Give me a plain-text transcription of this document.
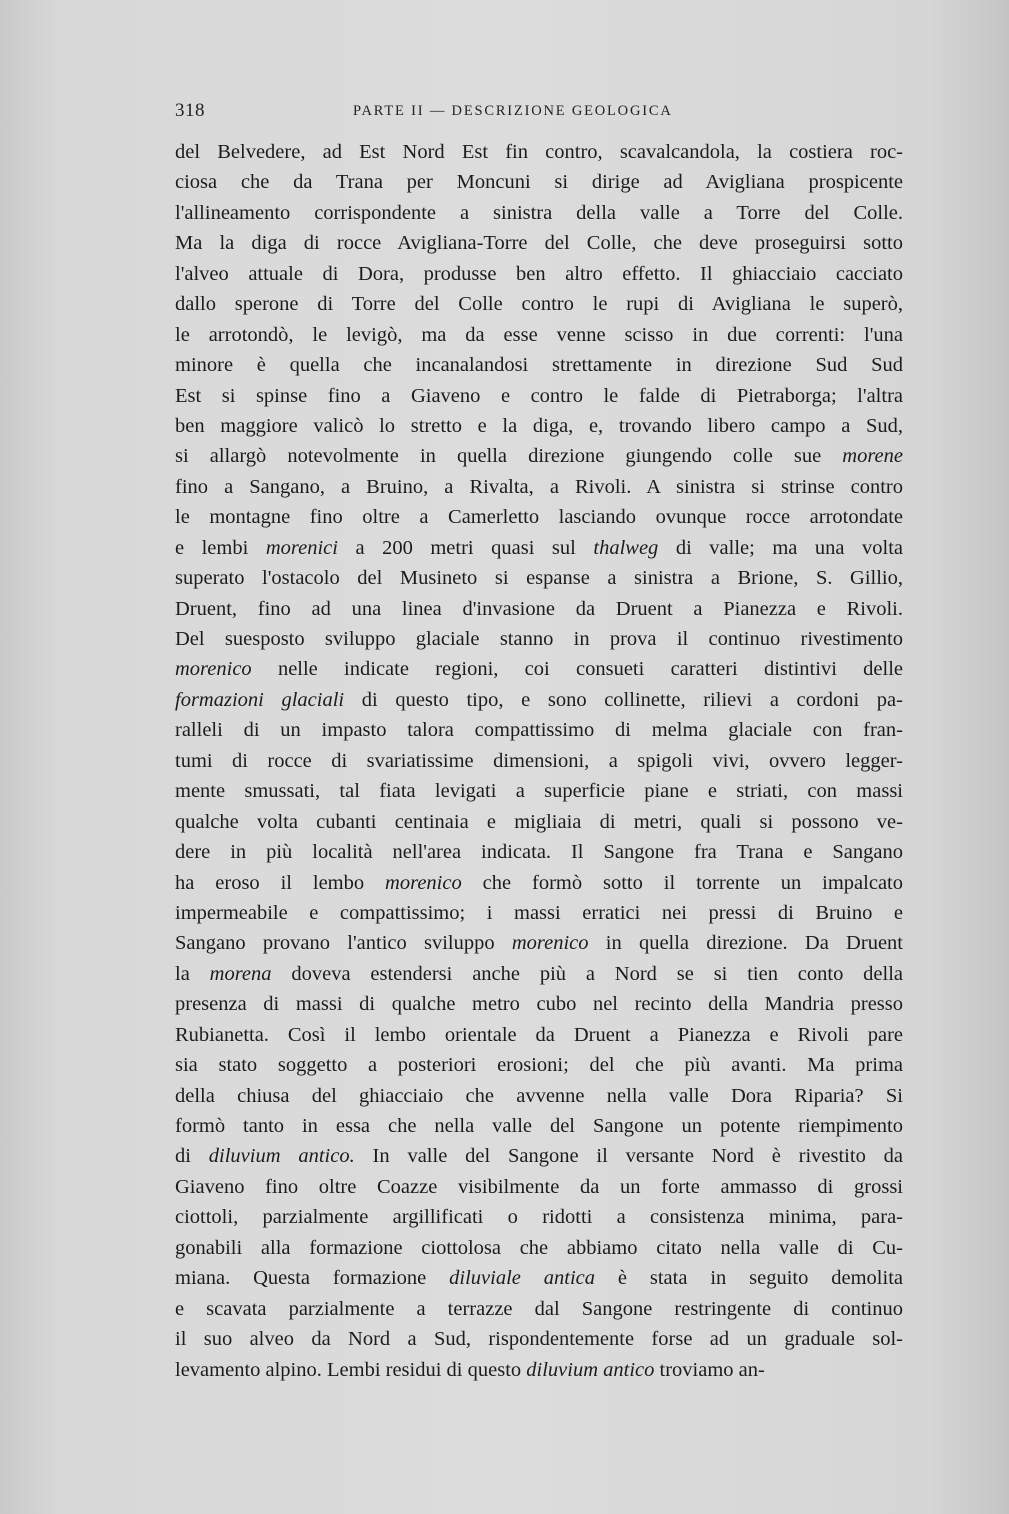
318	PARTE II — DESCRIZIONE GEOLOGICA
del Belvedere, ad Est Nord Est fin contro, scavalcandola, la costiera roc-
ciosa che da Trana per Moncuni si dirige ad Avigliana prospicente
l'allineamento corrispondente a sinistra della valle a Torre del Colle.
Ma la diga di rocce Avigliana-Torre del Colle, che deve proseguirsi sotto
l'alveo attuale di Dora, produsse ben altro effetto. Il ghiacciaio cacciato
dallo sperone di Torre del Colle contro le rupi di Avigliana le superò,
le arrotondò, le levigò, ma da esse venne scisso in due correnti: l'una
minore è quella che incanalandosi strettamente in direzione Sud Sud
Est si spinse fino a Giaveno e contro le falde di Pietraborga; l'altra
ben maggiore valicò lo stretto e la diga, e, trovando libero campo a Sud,
si allargò notevolmente in quella direzione giungendo colle sue morene
fino a Sangano, a Bruino, a Rivalta, a Rivoli. A sinistra si strinse contro
le montagne fino oltre a Camerletto lasciando ovunque rocce arrotondate
e lembi morenici a 200 metri quasi sul thalweg di valle; ma una volta
superato l'ostacolo del Musineto si espanse a sinistra a Brione, S. Gillio,
Druent, fino ad una linea d'invasione da Druent a Pianezza e Rivoli.
Del suesposto sviluppo glaciale stanno in prova il continuo rivestimento
morenico nelle indicate regioni, coi consueti caratteri distintivi delle
formazioni glaciali di questo tipo, e sono collinette, rilievi a cordoni pa-
ralleli di un impasto talora compattissimo di melma glaciale con fran-
tumi di rocce di svariatissime dimensioni, a spigoli vivi, ovvero legger-
mente smussati, tal fiata levigati a superficie piane e striati, con massi
qualche volta cubanti centinaia e migliaia di metri, quali si possono ve-
dere in più località nell'area indicata. Il Sangone fra Trana e Sangano
ha eroso il lembo morenico che formò sotto il torrente un impalcato
impermeabile e compattissimo; i massi erratici nei pressi di Bruino e
Sangano provano l'antico sviluppo morenico in quella direzione. Da Druent
la morena doveva estendersi anche più a Nord se si tien conto della
presenza di massi di qualche metro cubo nel recinto della Mandria presso
Rubianetta. Così il lembo orientale da Druent a Pianezza e Rivoli pare
sia stato soggetto a posteriori erosioni; del che più avanti. Ma prima
della chiusa del ghiacciaio che avvenne nella valle Dora Riparia? Si
formò tanto in essa che nella valle del Sangone un potente riempimento
di diluvium antico. In valle del Sangone il versante Nord è rivestito da
Giaveno fino oltre Coazze visibilmente da un forte ammasso di grossi
ciottoli, parzialmente argillificati o ridotti a consistenza minima, para-
gonabili alla formazione ciottolosa che abbiamo citato nella valle di Cu-
miana. Questa formazione diluviale antica è stata in seguito demolita
e scavata parzialmente a terrazze dal Sangone restringente di continuo
il suo alveo da Nord a Sud, rispondentemente forse ad un graduale sol-
levamento alpino. Lembi residui di questo diluvium antico troviamo an-
